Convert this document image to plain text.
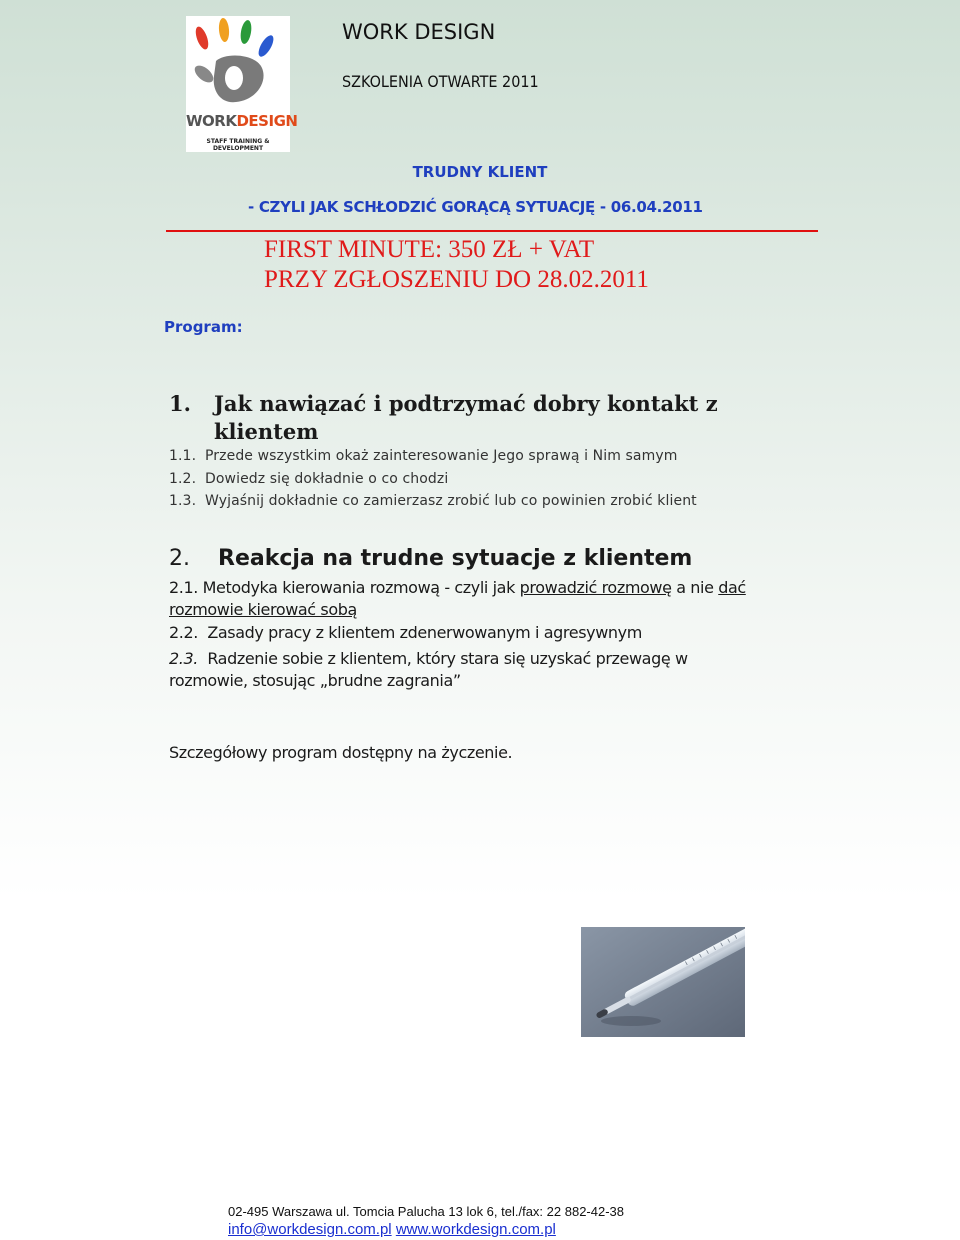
WORKDESIGN
STAFF TRAINING & DEVELOPMENT
WORK DESIGN
SZKOLENIA OTWARTE 2011
TRUDNY KLIENT
- CZYLI JAK SCHŁODZIĆ GORĄCĄ SYTUACJĘ - 06.04.2011
FIRST MINUTE: 350 ZŁ + VAT
PRZY ZGŁOSZENIU DO 28.02.2011
Program:
1. Jak nawiązać i podtrzymać dobry kontakt z
klientem
1.1. Przede wszystkim okaż zainteresowanie Jego sprawą i Nim samym
1.2. Dowiedz się dokładnie o co chodzi
1.3. Wyjaśnij dokładnie co zamierzasz zrobić lub co powinien zrobić klient
2. Reakcja na trudne sytuacje z klientem
2.1. Metodyka kierowania rozmową - czyli jak prowadzić rozmowę a nie dać rozmowie kierować sobą
2.2. Zasady pracy z klientem zdenerwowanym i agresywnym
2.3. Radzenie sobie z klientem, który stara się uzyskać przewagę w rozmowie, stosując „brudne zagrania”
Szczegółowy program dostępny na życzenie.
02-495 Warszawa ul. Tomcia Palucha 13 lok 6, tel./fax: 22 882-42-38
info@workdesign.com.pl www.workdesign.com.pl
